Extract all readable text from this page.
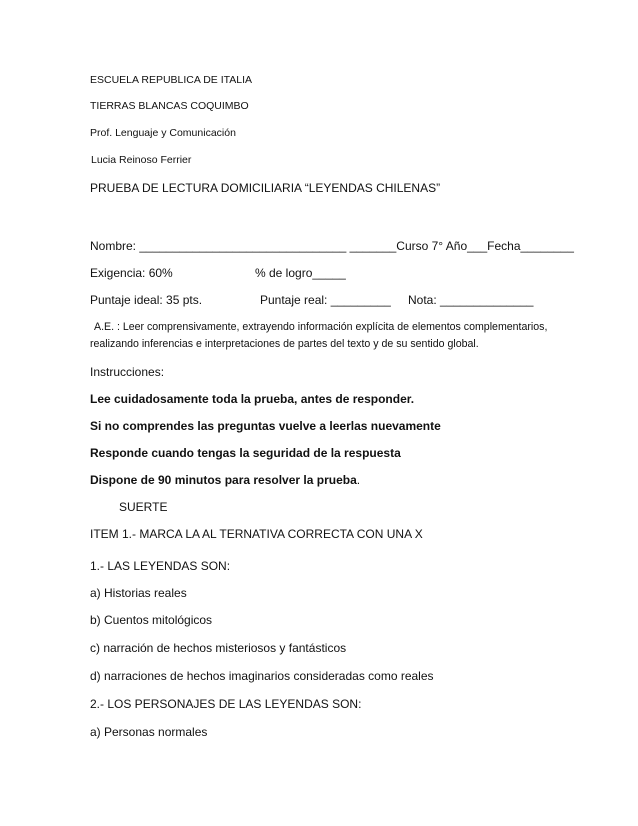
ESCUELA REPUBLICA DE ITALIA
TIERRAS BLANCAS COQUIMBO
Prof. Lenguaje y Comunicación
Lucia Reinoso Ferrier
PRUEBA DE LECTURA DOMICILIARIA “LEYENDAS CHILENAS”
Nombre: _______________________________ _______Curso 7° Año___Fecha________
Exigencia: 60%	% de logro_____
Puntaje ideal: 35 pts.	Puntaje real: _________ Nota: ______________
A.E. : Leer comprensivamente, extrayendo información explícita de elementos complementarios,
realizando inferencias e interpretaciones de partes del texto y de su sentido global.
Instrucciones:
Lee cuidadosamente toda la prueba, antes de responder.
Si no comprendes las preguntas vuelve a leerlas nuevamente
Responde cuando tengas la seguridad de la respuesta
Dispone de 90 minutos para resolver la prueba.
SUERTE
ITEM 1.- MARCA LA AL TERNATIVA CORRECTA CON UNA X
1.- LAS LEYENDAS SON:
a) Historias reales
b) Cuentos mitológicos
c) narración de hechos misteriosos y fantásticos
d) narraciones de hechos imaginarios consideradas como reales
2.- LOS PERSONAJES DE LAS LEYENDAS SON:
a) Personas normales
